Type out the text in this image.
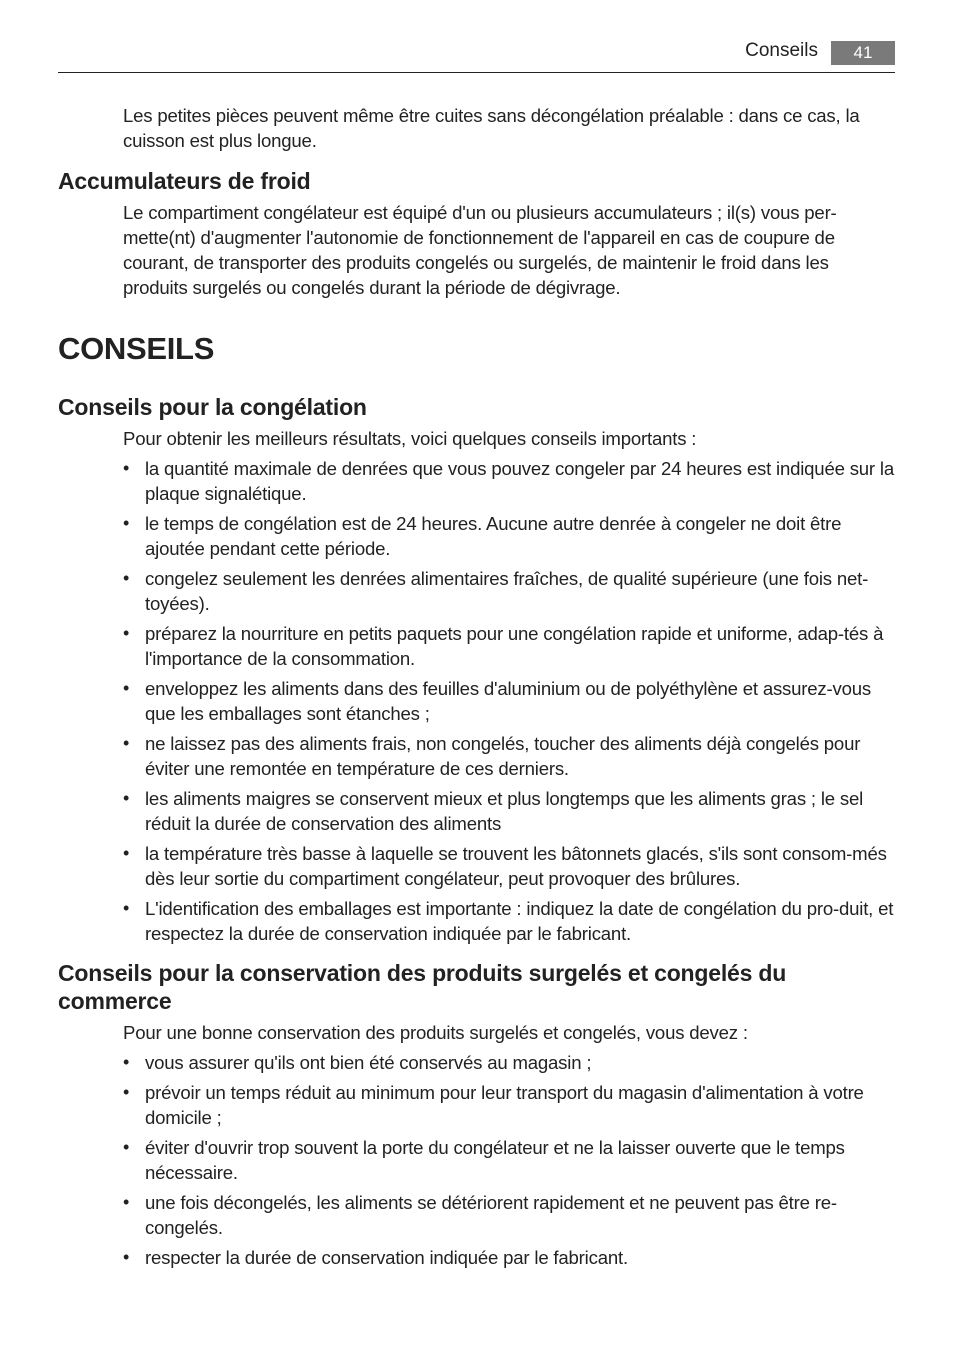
Conseils	41

Les petites pièces peuvent même être cuites sans décongélation préalable : dans ce cas, la cuisson est plus longue.

Accumulateurs de froid

Le compartiment congélateur est équipé d'un ou plusieurs accumulateurs ; il(s) vous per-mette(nt) d'augmenter l'autonomie de fonctionnement de l'appareil en cas de coupure de courant, de transporter des produits congelés ou surgelés, de maintenir le froid dans les produits surgelés ou congelés durant la période de dégivrage.

CONSEILS
Conseils pour la congélation

Pour obtenir les meilleurs résultats, voici quelques conseils importants :

• la quantité maximale de denrées que vous pouvez congeler par 24 heures est indiquée sur la plaque signalétique.
• le temps de congélation est de 24 heures. Aucune autre denrée à congeler ne doit être ajoutée pendant cette période.
• congelez seulement les denrées alimentaires fraîches, de qualité supérieure (une fois net-toyées).
• préparez la nourriture en petits paquets pour une congélation rapide et uniforme, adap-tés à l'importance de la consommation.
• enveloppez les aliments dans des feuilles d'aluminium ou de polyéthylène et assurez-vous que les emballages sont étanches ;
• ne laissez pas des aliments frais, non congelés, toucher des aliments déjà congelés pour éviter une remontée en température de ces derniers.
• les aliments maigres se conservent mieux et plus longtemps que les aliments gras ; le sel réduit la durée de conservation des aliments
• la température très basse à laquelle se trouvent les bâtonnets glacés, s'ils sont consom-més dès leur sortie du compartiment congélateur, peut provoquer des brûlures.
• L'identification des emballages est importante : indiquez la date de congélation du pro-duit, et respectez la durée de conservation indiquée par le fabricant.
Conseils pour la conservation des produits surgelés et congelés du commerce

Pour une bonne conservation des produits surgelés et congelés, vous devez :

• vous assurer qu'ils ont bien été conservés au magasin ;
• prévoir un temps réduit au minimum pour leur transport du magasin d'alimentation à votre domicile ;
• éviter d'ouvrir trop souvent la porte du congélateur et ne la laisser ouverte que le temps nécessaire.
• une fois décongelés, les aliments se détériorent rapidement et ne peuvent pas être re-congelés.
• respecter la durée de conservation indiquée par le fabricant.
